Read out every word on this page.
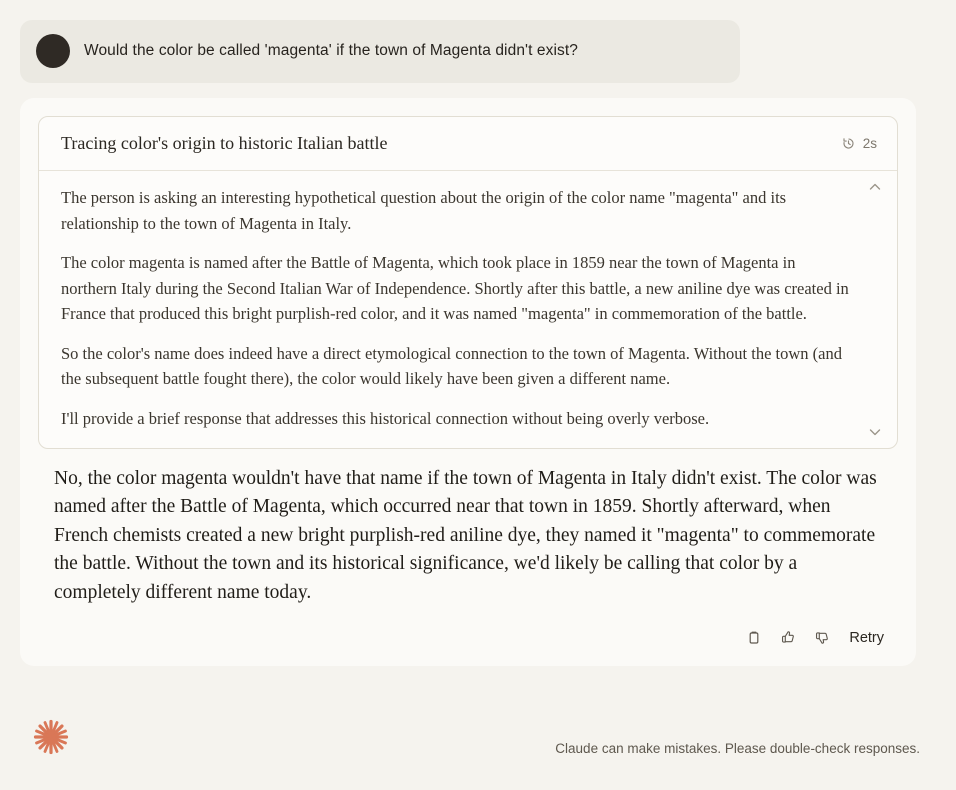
Would the color be called 'magenta' if the town of Magenta didn't exist?
Tracing color's origin to historic Italian battle	2s

The person is asking an interesting hypothetical question about the origin of the color name "magenta" and its relationship to the town of Magenta in Italy.

The color magenta is named after the Battle of Magenta, which took place in 1859 near the town of Magenta in northern Italy during the Second Italian War of Independence. Shortly after this battle, a new aniline dye was created in France that produced this bright purplish-red color, and it was named "magenta" in commemoration of the battle.

So the color's name does indeed have a direct etymological connection to the town of Magenta. Without the town (and the subsequent battle fought there), the color would likely have been given a different name.

I'll provide a brief response that addresses this historical connection without being overly verbose.

No, the color magenta wouldn't have that name if the town of Magenta in Italy didn't exist. The color was named after the Battle of Magenta, which occurred near that town in 1859. Shortly afterward, when French chemists created a new bright purplish-red aniline dye, they named it "magenta" to commemorate the battle. Without the town and its historical significance, we'd likely be calling that color by a completely different name today.

Retry
Claude can make mistakes. Please double-check responses.
